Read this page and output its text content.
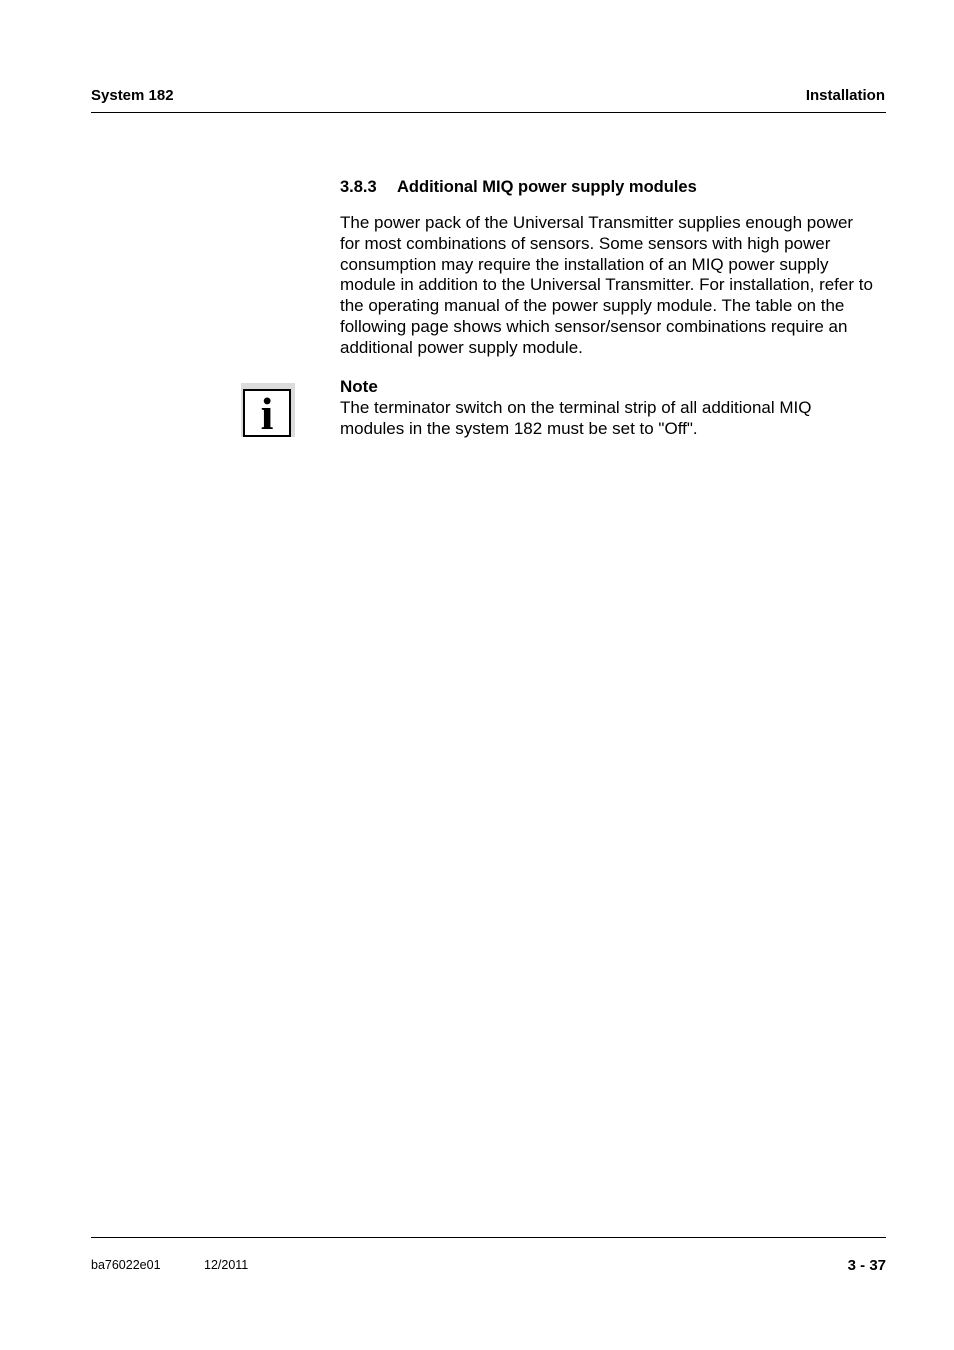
System 182	Installation
3.8.3 Additional MIQ power supply modules

The power pack of the Universal Transmitter supplies enough power
for most combinations of sensors. Some sensors with high power
consumption may require the installation of an MIQ power supply
module in addition to the Universal Transmitter. For installation, refer to
the operating manual of the power supply module. The table on the
following page shows which sensor/sensor combinations require an
additional power supply module.

i
Note

The terminator switch on the terminal strip of all additional MIQ
modules in the system 182 must be set to "Off".

ba76022e01	12/2011	3 - 37
